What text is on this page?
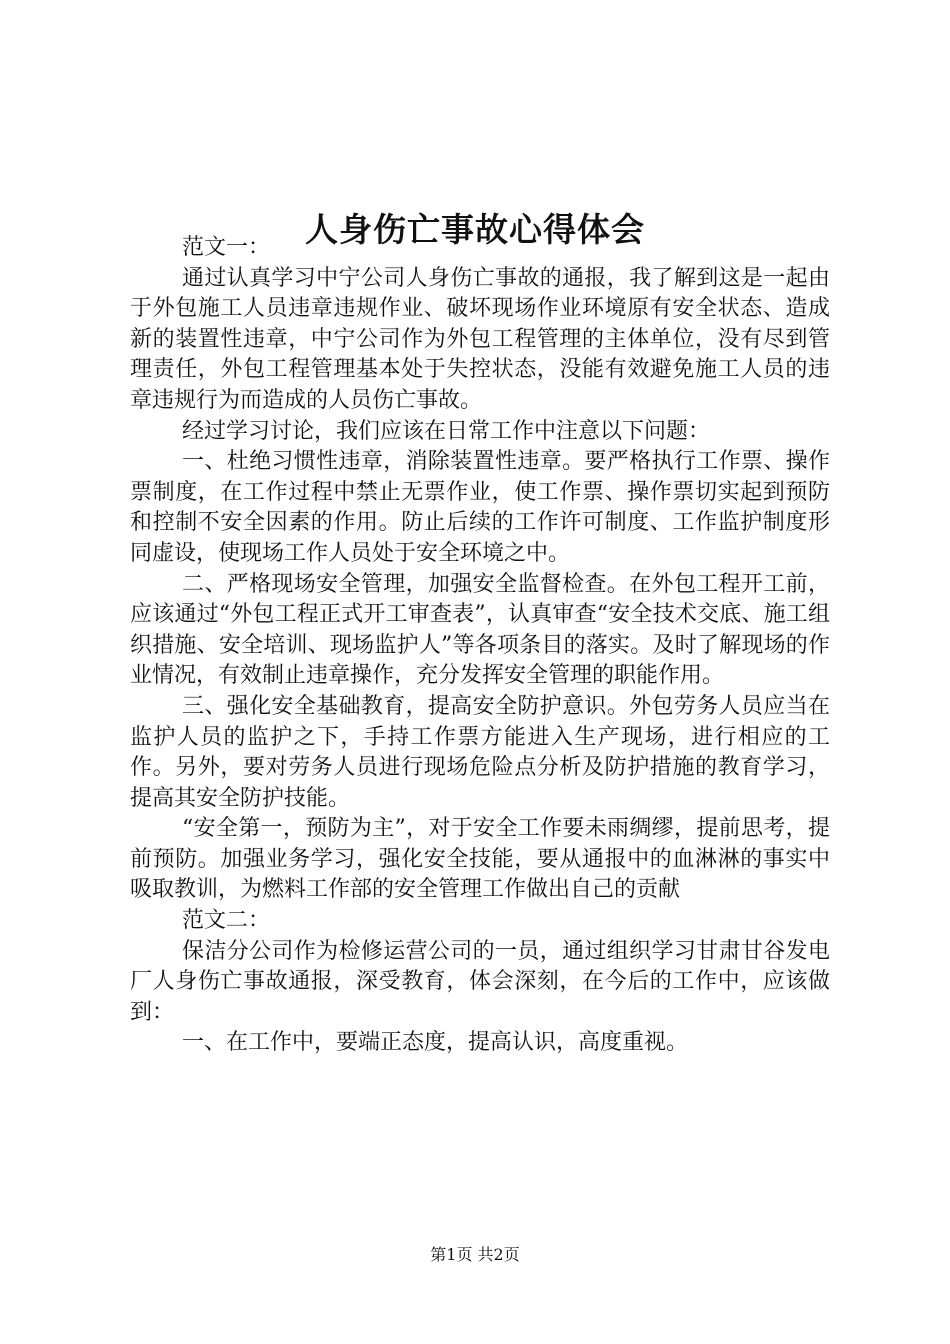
人身伤亡事故心得体会

范文一：

通过认真学习中宁公司人身伤亡事故的通报，我了解到这是一起由于外包施工人员违章违规作业、破坏现场作业环境原有安全状态、造成新的装置性违章，中宁公司作为外包工程管理的主体单位，没有尽到管理责任，外包工程管理基本处于失控状态，没能有效避免施工人员的违章违规行为而造成的人员伤亡事故。

经过学习讨论，我们应该在日常工作中注意以下问题：

一、杜绝习惯性违章，消除装置性违章。要严格执行工作票、操作票制度，在工作过程中禁止无票作业，使工作票、操作票切实起到预防和控制不安全因素的作用。防止后续的工作许可制度、工作监护制度形同虚设，使现场工作人员处于安全环境之中。

二、严格现场安全管理，加强安全监督检查。在外包工程开工前，应该通过“外包工程正式开工审查表”，认真审查“安全技术交底、施工组织措施、安全培训、现场监护人”等各项条目的落实。及时了解现场的作业情况，有效制止违章操作，充分发挥安全管理的职能作用。

三、强化安全基础教育，提高安全防护意识。外包劳务人员应当在监护人员的监护之下，手持工作票方能进入生产现场，进行相应的工作。另外，要对劳务人员进行现场危险点分析及防护措施的教育学习，提高其安全防护技能。

“安全第一，预防为主”，对于安全工作要未雨绸缪，提前思考，提前预防。加强业务学习，强化安全技能，要从通报中的血淋淋的事实中吸取教训，为燃料工作部的安全管理工作做出自己的贡献

范文二：

保洁分公司作为检修运营公司的一员，通过组织学习甘肃甘谷发电厂人身伤亡事故通报，深受教育，体会深刻，在今后的工作中，应该做到：

一、在工作中，要端正态度，提高认识，高度重视。

第1页 共2页
